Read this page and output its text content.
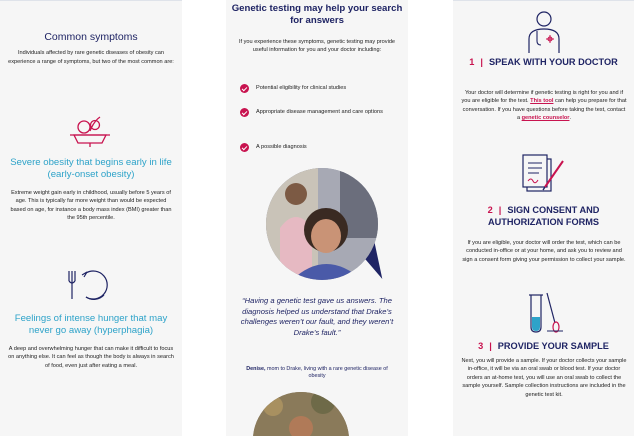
Common symptoms

Individuals affected by rare genetic diseases of obesity can experience a range of symptoms, but two of the most common are:

Severe obesity that begins early in life (early-onset obesity)

Extreme weight gain early in childhood, usually before 5 years of age. This is typically far more weight than would be expected based on age, for instance a body mass index (BMI) greater than the 95th percentile.

Feelings of intense hunger that may never go away (hyperphagia)

A deep and overwhelming hunger that can make it difficult to focus on anything else. It can feel as though the body is always in search of food, even just after eating a meal.

Genetic testing may help your search for answers

If you experience these symptoms, genetic testing may provide useful information for you and your doctor including:

Potential eligibility for clinical studies
Appropriate disease management and care options
A possible diagnosis

“Having a genetic test gave us answers. The diagnosis helped us understand that Drake’s challenges weren’t our fault, and they weren’t Drake’s fault.”

Denise, mom to Drake, living with a rare genetic disease of obesity

1 | SPEAK WITH YOUR DOCTOR

Your doctor will determine if genetic testing is right for you and if you are eligible for the test. This tool can help you prepare for that conversation. If you have questions before taking the test, contact a genetic counselor.

2 | SIGN CONSENT AND AUTHORIZATION FORMS

If you are eligible, your doctor will order the test, which can be conducted in-office or at your home, and ask you to review and sign a consent form giving your permission to collect your sample.

3 | PROVIDE YOUR SAMPLE

Next, you will provide a sample. If your doctor collects your sample in-office, it will be via an oral swab or blood test. If your doctor orders an at-home test, you will use an oral swab to collect the sample yourself. Sample collection instructions are included in the genetic test kit.
